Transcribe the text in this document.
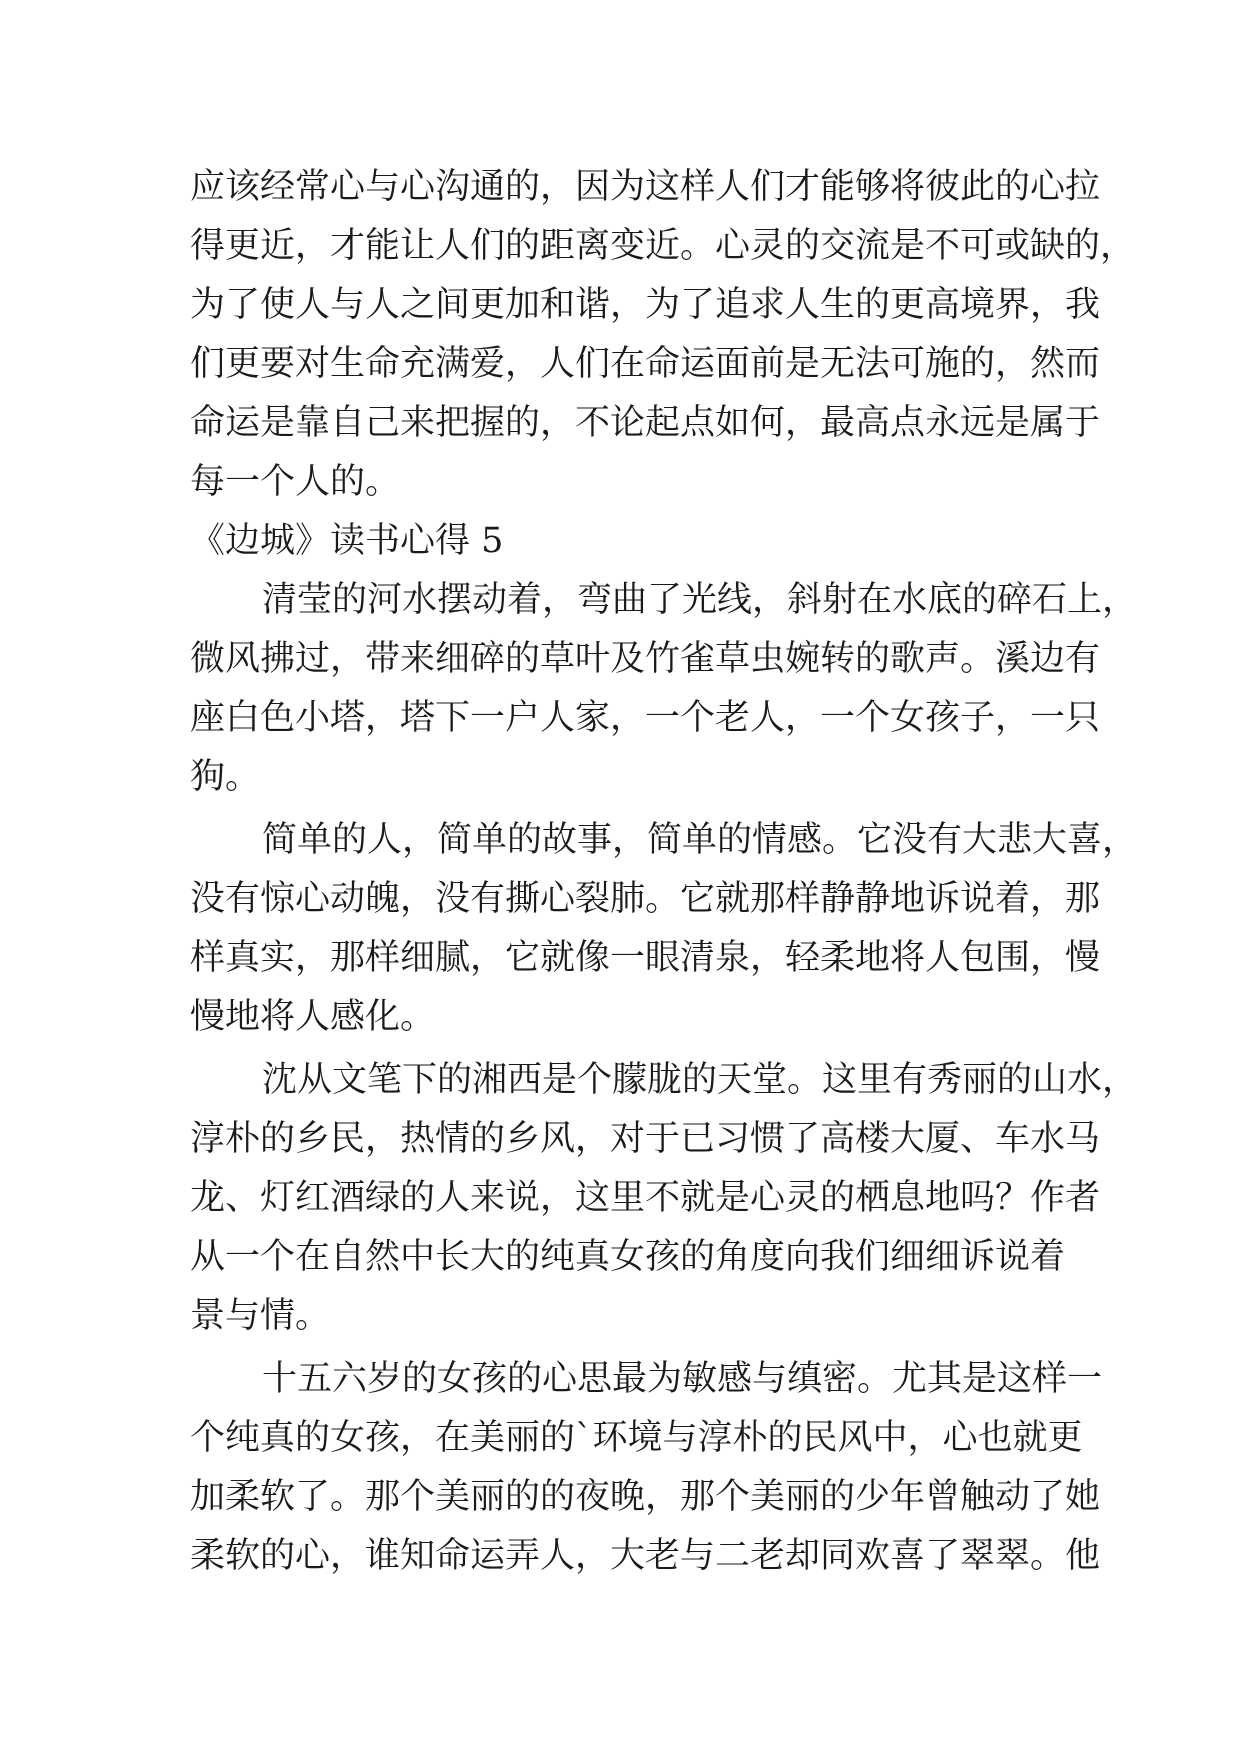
应该经常心与心沟通的，因为这样人们才能够将彼此的心拉
得更近，才能让人们的距离变近。心灵的交流是不可或缺的，
为了使人与人之间更加和谐，为了追求人生的更高境界，我
们更要对生命充满爱，人们在命运面前是无法可施的，然而
命运是靠自己来把握的，不论起点如何，最高点永远是属于
每一个人的。
《边城》读书心得 5
清莹的河水摆动着，弯曲了光线，斜射在水底的碎石上，
微风拂过，带来细碎的草叶及竹雀草虫婉转的歌声。溪边有
座白色小塔，塔下一户人家，一个老人，一个女孩子，一只
狗。
简单的人，简单的故事，简单的情感。它没有大悲大喜，
没有惊心动魄，没有撕心裂肺。它就那样静静地诉说着，那
样真实，那样细腻，它就像一眼清泉，轻柔地将人包围，慢
慢地将人感化。
沈从文笔下的湘西是个朦胧的天堂。这里有秀丽的山水，
淳朴的乡民，热情的乡风，对于已习惯了高楼大厦、车水马
龙、灯红酒绿的人来说，这里不就是心灵的栖息地吗？作者
从一个在自然中长大的纯真女孩的角度向我们细细诉说着
景与情。
十五六岁的女孩的心思最为敏感与缜密。尤其是这样一
个纯真的女孩，在美丽的`环境与淳朴的民风中，心也就更
加柔软了。那个美丽的的夜晚，那个美丽的少年曾触动了她
柔软的心，谁知命运弄人，大老与二老却同欢喜了翠翠。他
